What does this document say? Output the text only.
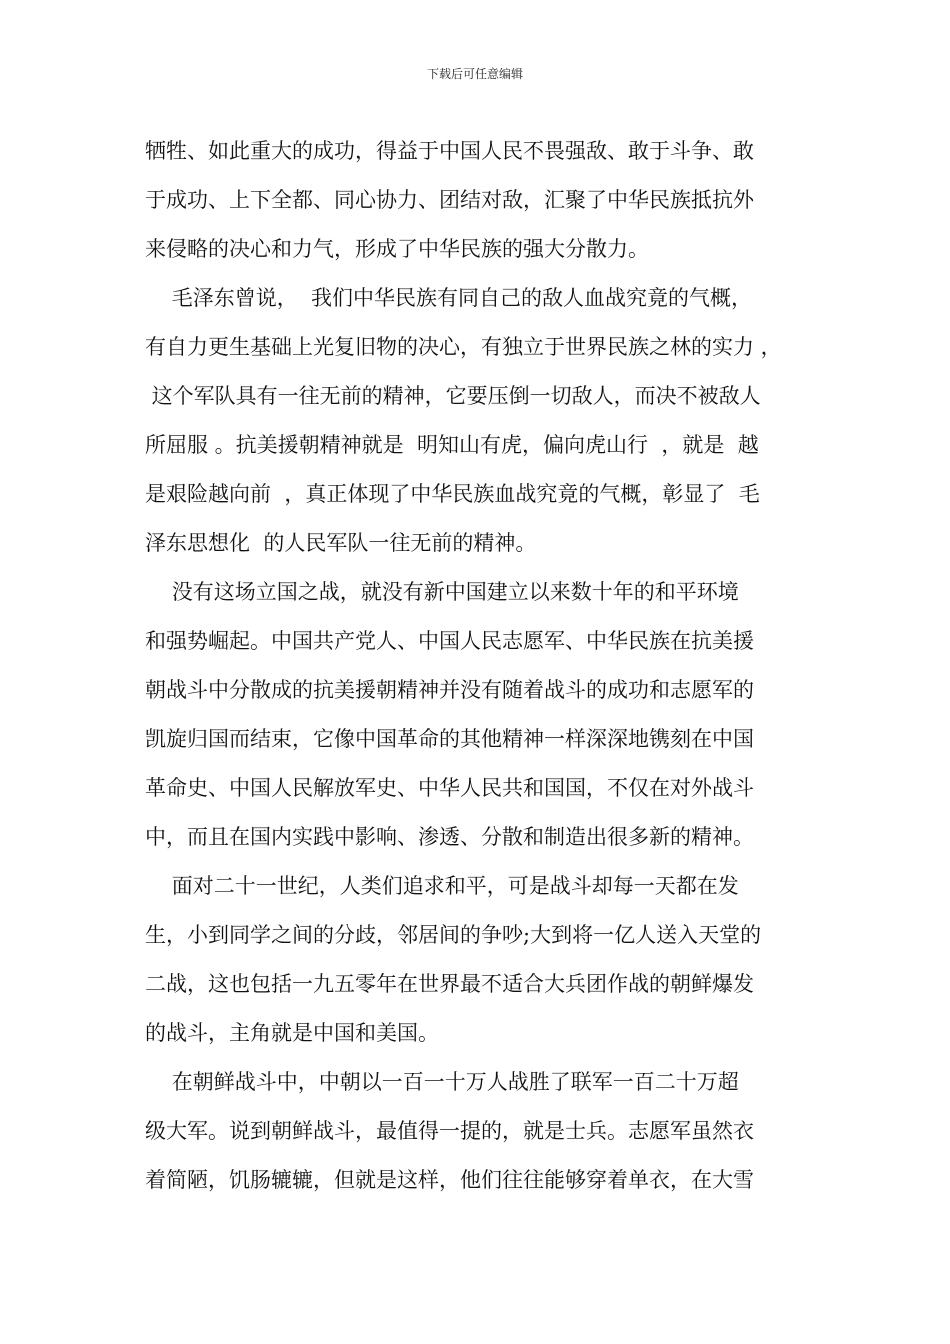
下载后可任意编辑
牺牲、如此重大的成功，得益于中国人民不畏强敌、敢于斗争、敢
于成功、上下全都、同心协力、团结对敌，汇聚了中华民族抵抗外
来侵略的决心和力气，形成了中华民族的强大分散力。
毛泽东曾说，  我们中华民族有同自己的敌人血战究竟的气概，
有自力更生基础上光复旧物的决心，有独立于世界民族之林的实力 ，
这个军队具有一往无前的精神，它要压倒一切敌人，而决不被敌人
所屈服 。抗美援朝精神就是  明知山有虎，偏向虎山行  ，就是  越
是艰险越向前  ，真正体现了中华民族血战究竟的气概，彰显了  毛
泽东思想化  的人民军队一往无前的精神。
没有这场立国之战，就没有新中国建立以来数十年的和平环境
和强势崛起。中国共产党人、中国人民志愿军、中华民族在抗美援
朝战斗中分散成的抗美援朝精神并没有随着战斗的成功和志愿军的
凯旋归国而结束，它像中国革命的其他精神一样深深地镌刻在中国
革命史、中国人民解放军史、中华人民共和国国，不仅在对外战斗
中，而且在国内实践中影响、渗透、分散和制造出很多新的精神。
面对二十一世纪，人类们追求和平，可是战斗却每一天都在发
生，小到同学之间的分歧，邻居间的争吵;大到将一亿人送入天堂的
二战，这也包括一九五零年在世界最不适合大兵团作战的朝鲜爆发
的战斗，主角就是中国和美国。
在朝鲜战斗中，中朝以一百一十万人战胜了联军一百二十万超
级大军。说到朝鲜战斗，最值得一提的，就是士兵。志愿军虽然衣
着简陋，饥肠辘辘，但就是这样，他们往往能够穿着单衣，在大雪
